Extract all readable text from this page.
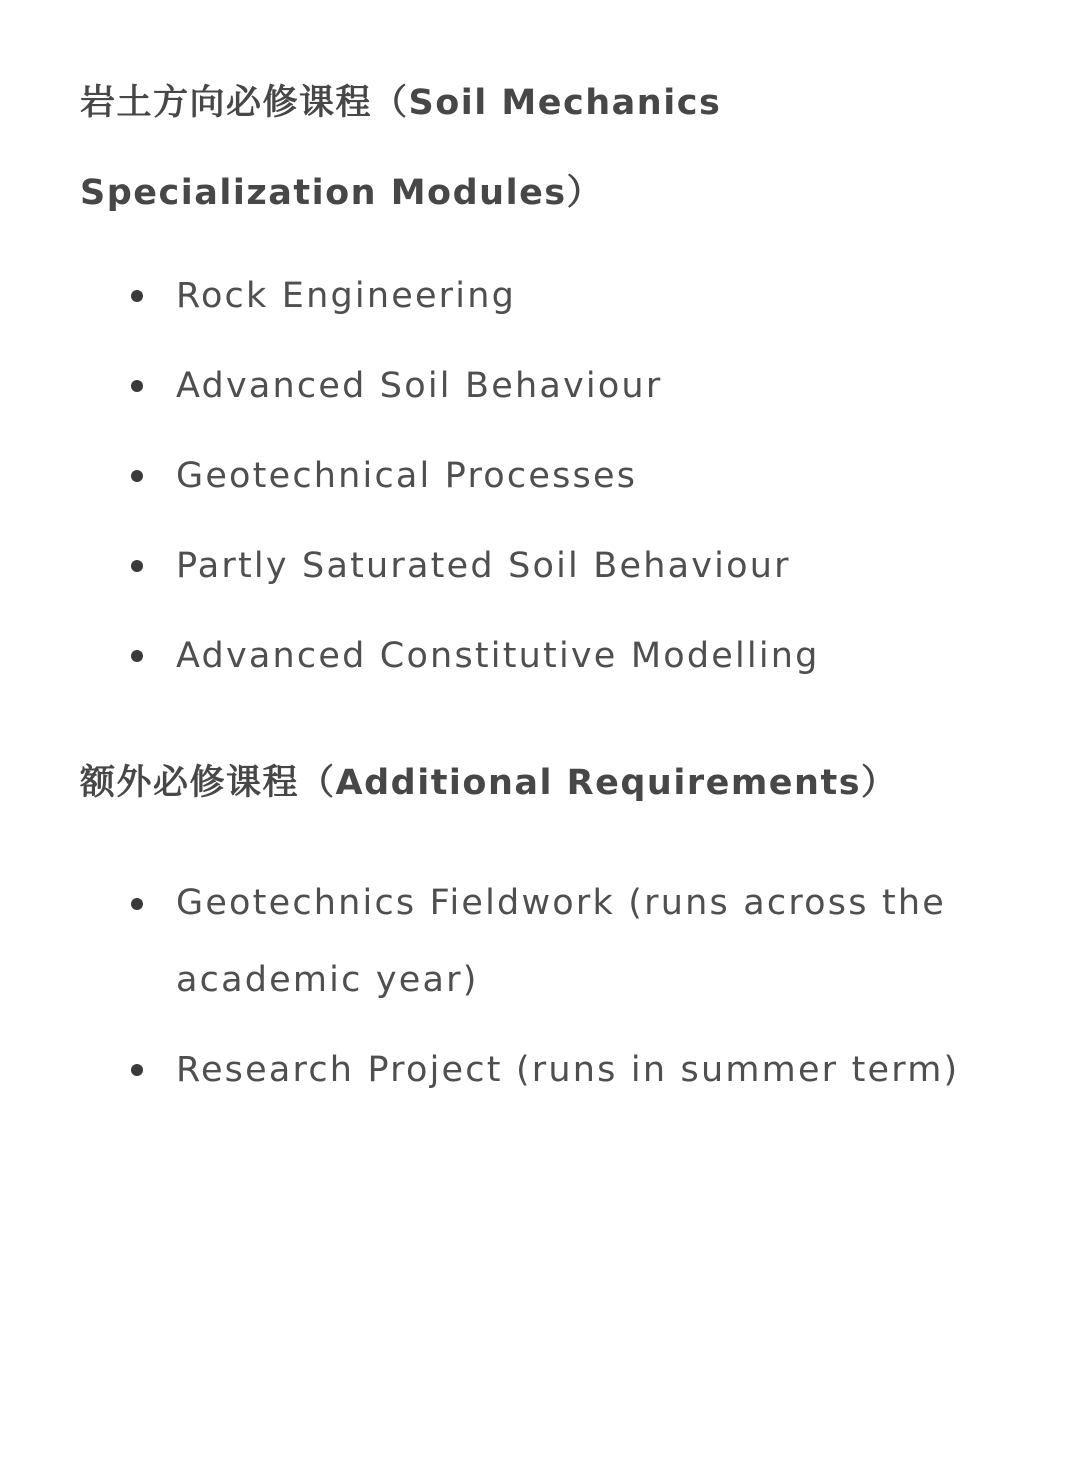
岩土方向必修课程（Soil Mechanics Specialization Modules）
Rock Engineering
Advanced Soil Behaviour
Geotechnical Processes
Partly Saturated Soil Behaviour
Advanced Constitutive Modelling
额外必修课程（Additional Requirements）
Geotechnics Fieldwork (runs across the academic year)
Research Project (runs in summer term)
